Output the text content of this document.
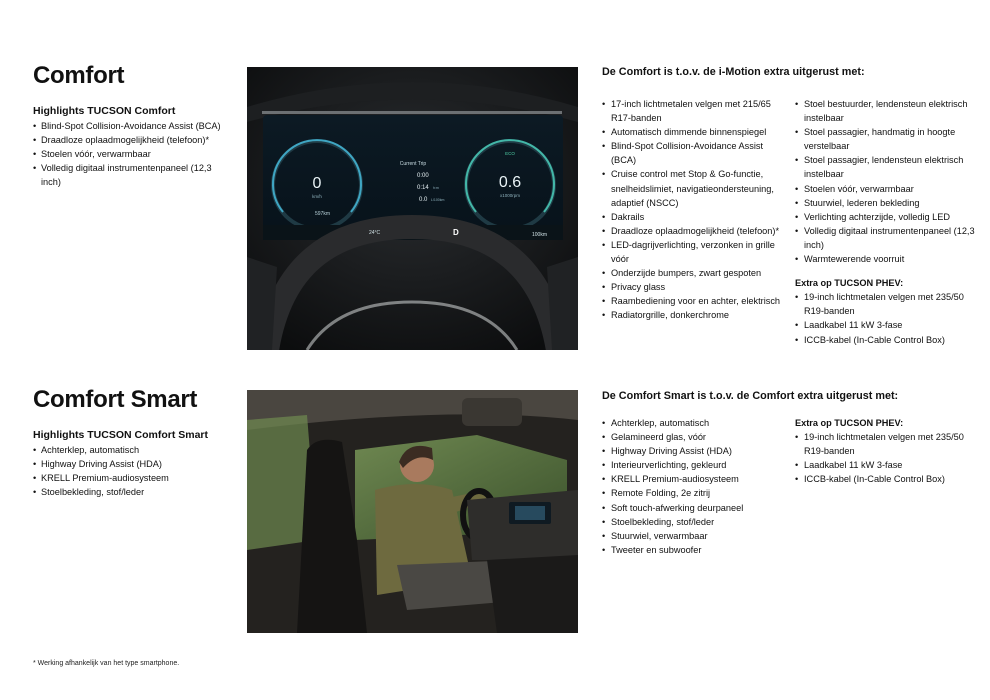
Comfort
Highlights TUCSON Comfort
• Blind-Spot Collision-Avoidance Assist (BCA)
• Draadloze oplaadmogelijkheid (telefoon)*
• Stoelen vóór, verwarmbaar
• Volledig digitaal instrumentenpaneel (12,3 inch)	0
km/h
597km
Current Trip
0:00
0:14 h:m
0.0 L/100km
ECO
0.6
x1000rpm
24°C	D	100km
De Comfort is t.o.v. de i-Motion extra uitgerust met:
• 17-inch lichtmetalen velgen met 215/65 R17-banden
• Automatisch dimmende binnenspiegel
• Blind-Spot Collision-Avoidance Assist (BCA)
• Cruise control met Stop & Go-functie, snelheidslimiet, navigatieondersteuning, adaptief (NSCC)
• Dakrails
• Draadloze oplaadmogelijkheid (telefoon)*
• LED-dagrijverlichting, verzonken in grille vóór
• Onderzijde bumpers, zwart gespoten
• Privacy glass
• Raambediening voor en achter, elektrisch
• Radiatorgrille, donkerchrome
• Stoel bestuurder, lendensteun elektrisch instelbaar
• Stoel passagier, handmatig in hoogte verstelbaar
• Stoel passagier, lendensteun elektrisch instelbaar
• Stoelen vóór, verwarmbaar
• Stuurwiel, lederen bekleding
• Verlichting achterzijde, volledig LED
• Volledig digitaal instrumentenpaneel (12,3 inch)
• Warmtewerende voorruit
Extra op TUCSON PHEV:
• 19-inch lichtmetalen velgen met 235/50 R19-banden
• Laadkabel 11 kW 3-fase
• ICCB-kabel (In-Cable Control Box)
Comfort Smart
Highlights TUCSON Comfort Smart
• Achterklep, automatisch
• Highway Driving Assist (HDA)
• KRELL Premium-audiosysteem
• Stoelbekleding, stof/leder
De Comfort Smart is t.o.v. de Comfort extra uitgerust met:
• Achterklep, automatisch
• Gelamineerd glas, vóór
• Highway Driving Assist (HDA)
• Interieurverlichting, gekleurd
• KRELL Premium-audiosysteem
• Remote Folding, 2e zitrij
• Soft touch-afwerking deurpaneel
• Stoelbekleding, stof/leder
• Stuurwiel, verwarmbaar
• Tweeter en subwoofer
Extra op TUCSON PHEV:
• 19-inch lichtmetalen velgen met 235/50 R19-banden
• Laadkabel 11 kW 3-fase
• ICCB-kabel (In-Cable Control Box)
* Werking afhankelijk van het type smartphone.
